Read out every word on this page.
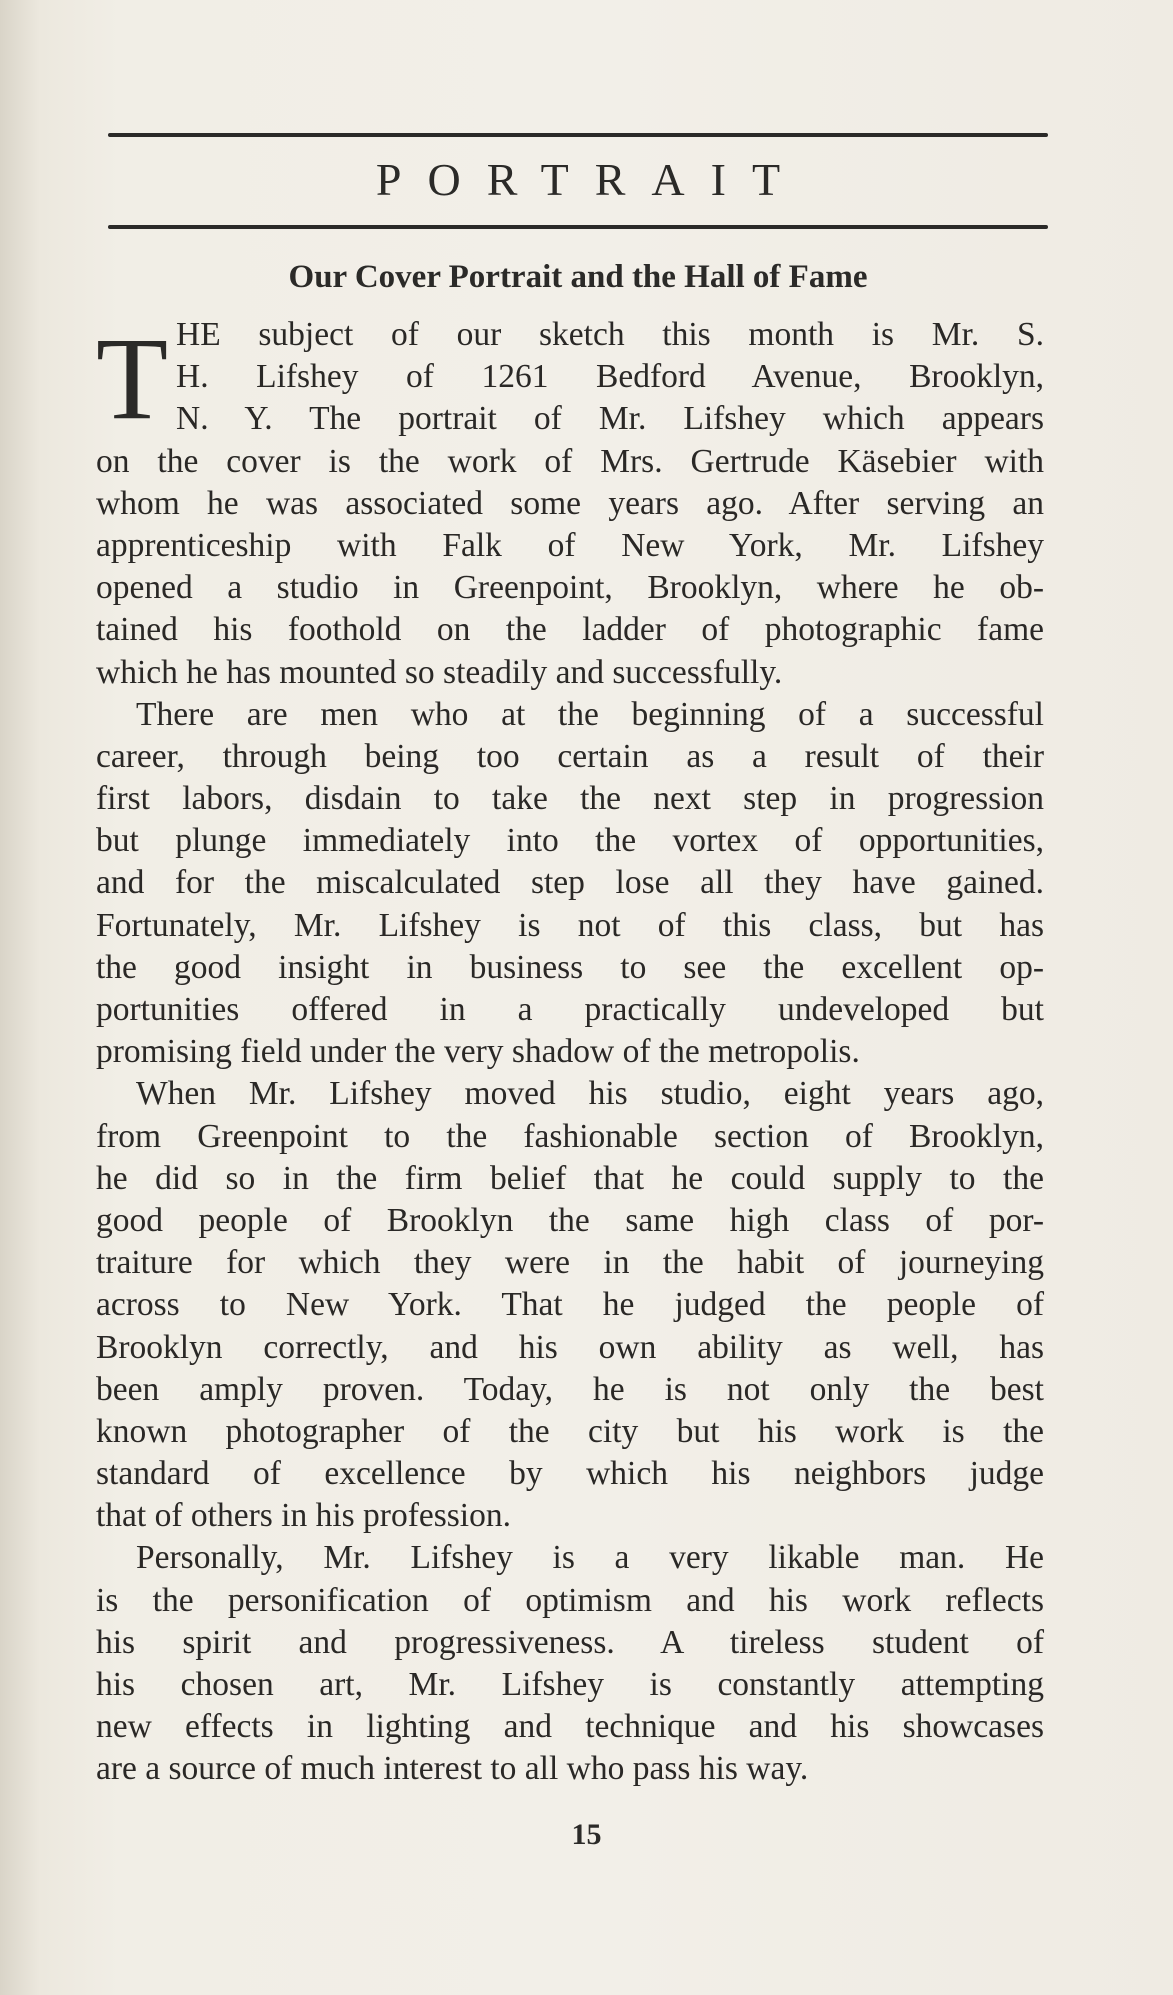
PORTRAIT
Our Cover Portrait and the Hall of Fame
T HE subject of our sketch this month is Mr. S.
H. Lifshey of 1261 Bedford Avenue, Brooklyn,
N. Y. The portrait of Mr. Lifshey which appears
on the cover is the work of Mrs. Gertrude Käsebier with
whom he was associated some years ago. After serving an
apprenticeship with Falk of New York, Mr. Lifshey
opened a studio in Greenpoint, Brooklyn, where he ob-
tained his foothold on the ladder of photographic fame
which he has mounted so steadily and successfully.
There are men who at the beginning of a successful
career, through being too certain as a result of their
first labors, disdain to take the next step in progression
but plunge immediately into the vortex of opportunities,
and for the miscalculated step lose all they have gained.
Fortunately, Mr. Lifshey is not of this class, but has
the good insight in business to see the excellent op-
portunities offered in a practically undeveloped but
promising field under the very shadow of the metropolis.
When Mr. Lifshey moved his studio, eight years ago,
from Greenpoint to the fashionable section of Brooklyn,
he did so in the firm belief that he could supply to the
good people of Brooklyn the same high class of por-
traiture for which they were in the habit of journeying
across to New York. That he judged the people of
Brooklyn correctly, and his own ability as well, has
been amply proven. Today, he is not only the best
known photographer of the city but his work is the
standard of excellence by which his neighbors judge
that of others in his profession.
Personally, Mr. Lifshey is a very likable man. He
is the personification of optimism and his work reflects
his spirit and progressiveness. A tireless student of
his chosen art, Mr. Lifshey is constantly attempting
new effects in lighting and technique and his showcases
are a source of much interest to all who pass his way.
15
